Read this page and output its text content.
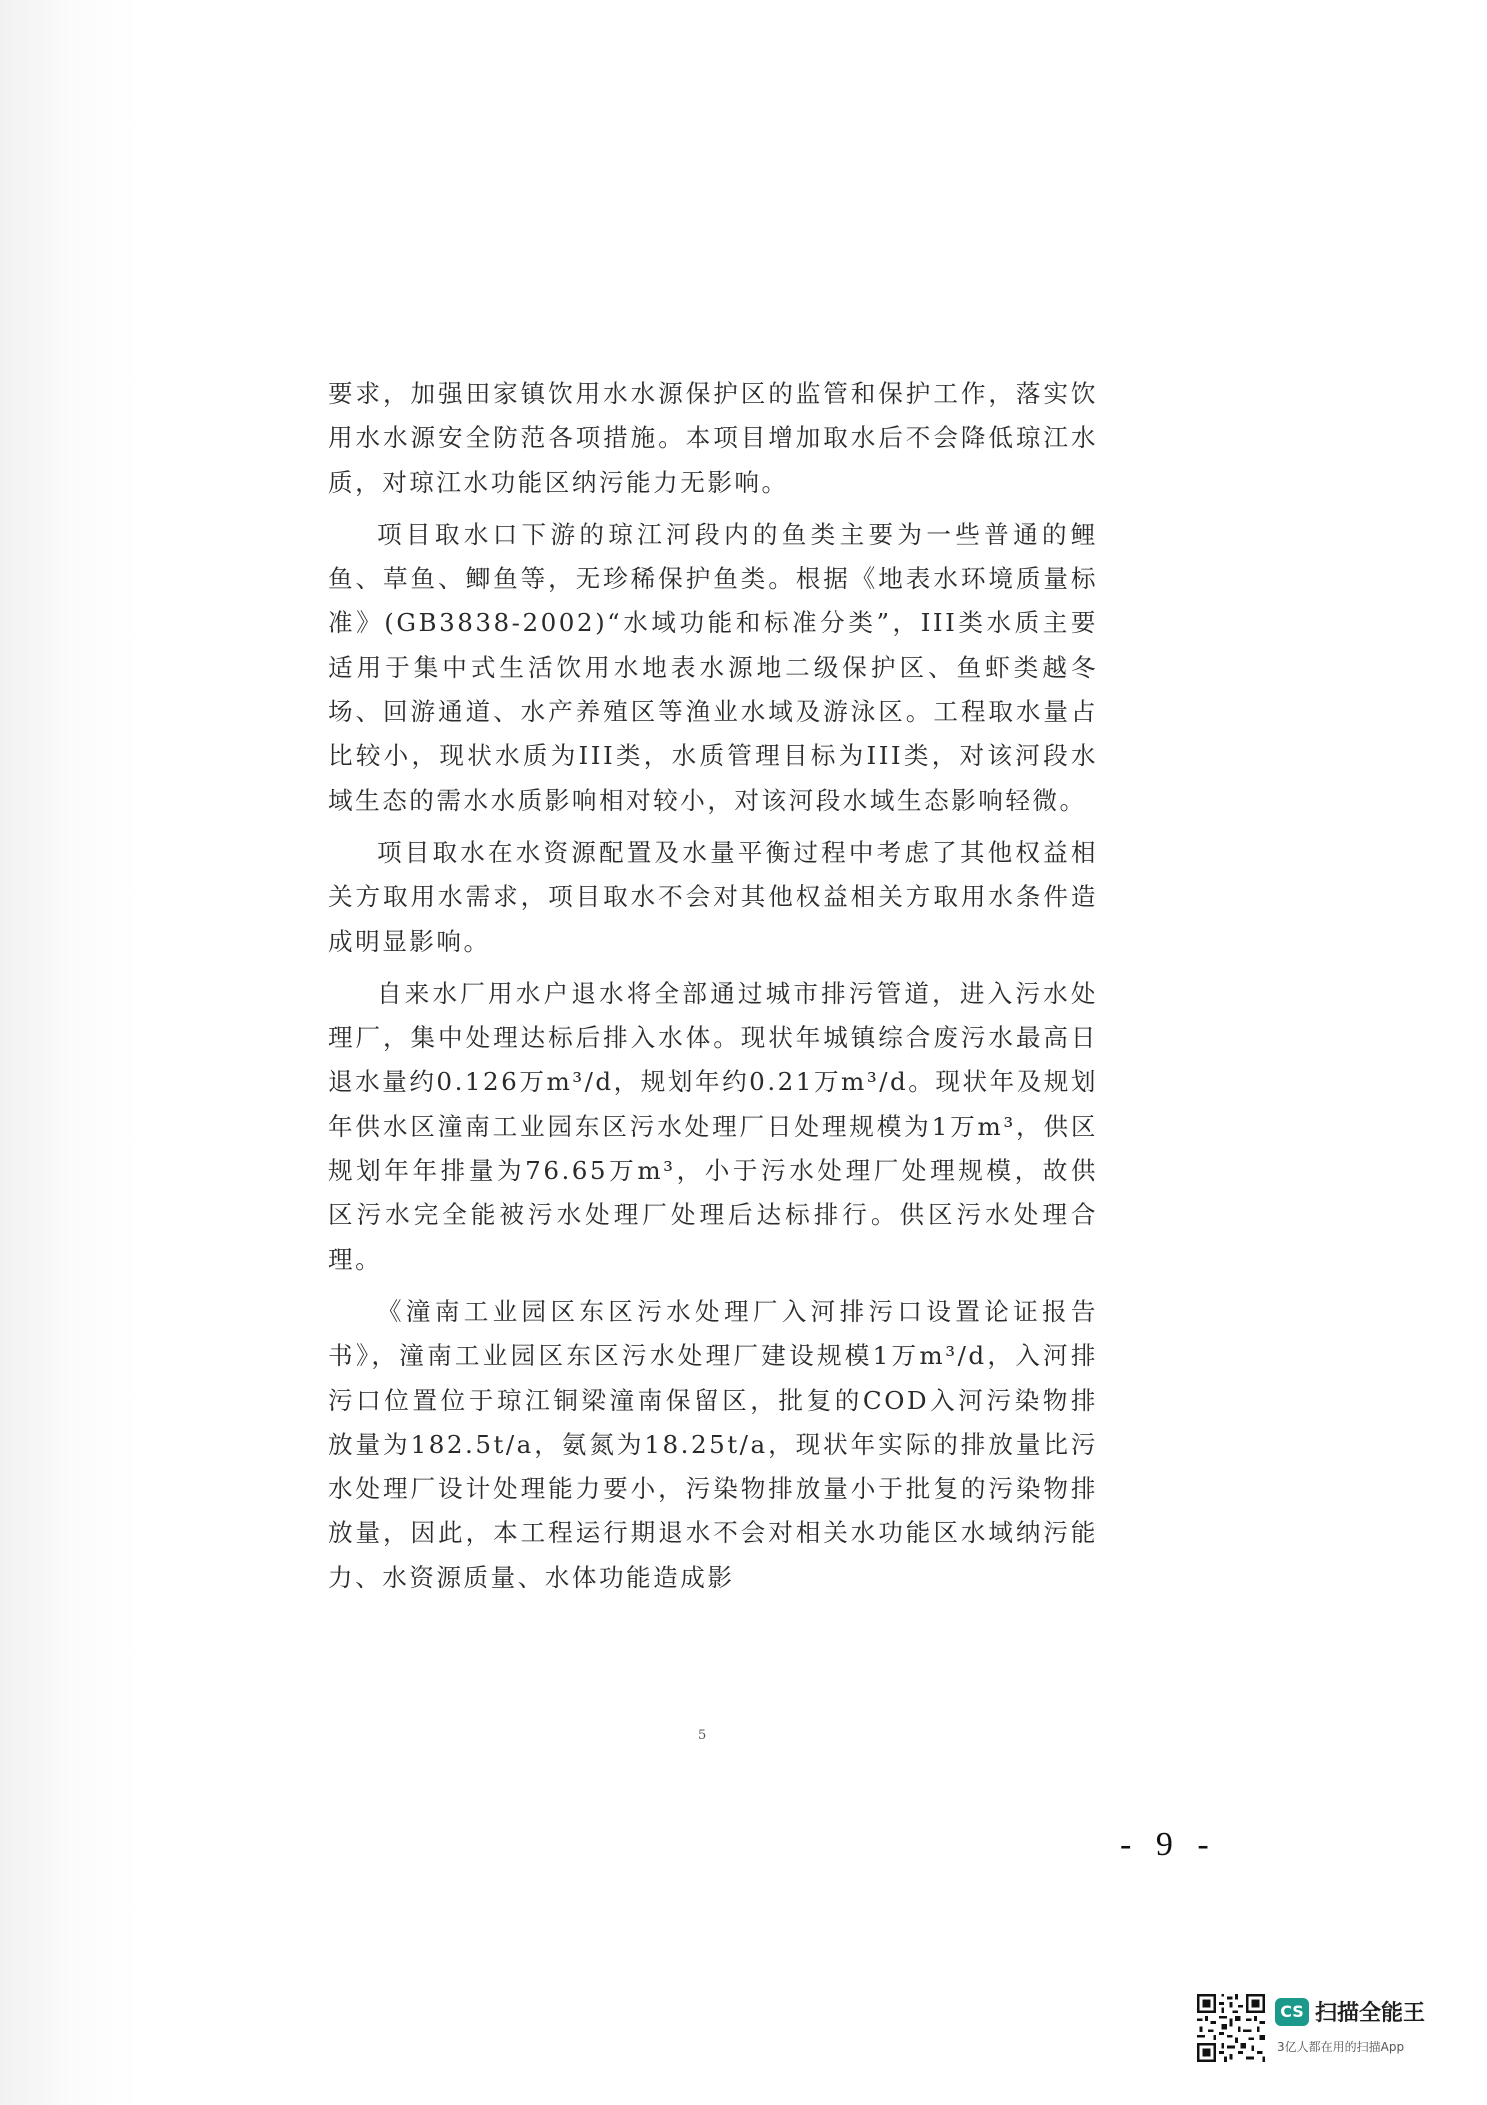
要求，加强田家镇饮用水水源保护区的监管和保护工作，落实饮用水水源安全防范各项措施。本项目增加取水后不会降低琼江水质，对琼江水功能区纳污能力无影响。

项目取水口下游的琼江河段内的鱼类主要为一些普通的鲤鱼、草鱼、鲫鱼等，无珍稀保护鱼类。根据《地表水环境质量标准》(GB3838-2002)“水域功能和标准分类”，III类水质主要适用于集中式生活饮用水地表水源地二级保护区、鱼虾类越冬场、回游通道、水产养殖区等渔业水域及游泳区。工程取水量占比较小，现状水质为III类，水质管理目标为III类，对该河段水域生态的需水水质影响相对较小，对该河段水域生态影响轻微。

项目取水在水资源配置及水量平衡过程中考虑了其他权益相关方取用水需求，项目取水不会对其他权益相关方取用水条件造成明显影响。

自来水厂用水户退水将全部通过城市排污管道，进入污水处理厂，集中处理达标后排入水体。现状年城镇综合废污水最高日退水量约0.126万m³/d，规划年约0.21万m³/d。现状年及规划年供水区潼南工业园东区污水处理厂日处理规模为1万m³，供区规划年年排量为76.65万m³，小于污水处理厂处理规模，故供区污水完全能被污水处理厂处理后达标排行。供区污水处理合理。

《潼南工业园区东区污水处理厂入河排污口设置论证报告书》，潼南工业园区东区污水处理厂建设规模1万m³/d，入河排污口位置位于琼江铜梁潼南保留区，批复的COD入河污染物排放量为182.5t/a，氨氮为18.25t/a，现状年实际的排放量比污水处理厂设计处理能力要小，污染物排放量小于批复的污染物排放量，因此，本工程运行期退水不会对相关水功能区水域纳污能力、水资源质量、水体功能造成影

5
- 9 -
CS 扫描全能王
3亿人都在用的扫描App
